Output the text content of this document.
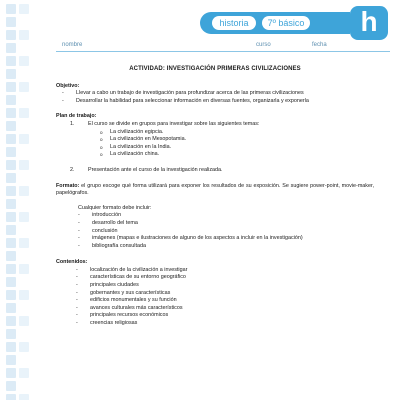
historia	7º básico	h
nombre	curso	fecha
ACTIVIDAD: INVESTIGACIÓN PRIMERAS CIVILIZACIONES
Objetivo:
- Llevar a cabo un trabajo de investigación para profundizar acerca de las primeras civilizaciones
- Desarrollar la habilidad para seleccionar información en diversas fuentes, organizarla y exponerla
Plan de trabajo:
1.	El curso se divide en grupos para investigar sobre las siguientes temas:
o La civilización egipcia.
o La civilización en Mesopotamia.
o La civilización en la India.
o La civilización china.
2.	Presentación ante el curso de la investigación realizada.
Formato: el grupo escoge qué forma utilizará para exponer los resultados de su exposición. Se sugiere power-point, movie-maker, papelógrafos.
Cualquier formato debe incluir:
- introducción
- desarrollo del tema
- conclusión
- imágenes (mapas e ilustraciones de alguno de los aspectos a incluir en la investigación)
- bibliografía consultada
Contenidos:
- localización de la civilización a investigar
- características de su entorno geográfico
- principales ciudades
- gobernantes y sus características
- edificios monumentales y su función
- avances culturales más característicos
- principales recursos económicos
- creencias religiosas
